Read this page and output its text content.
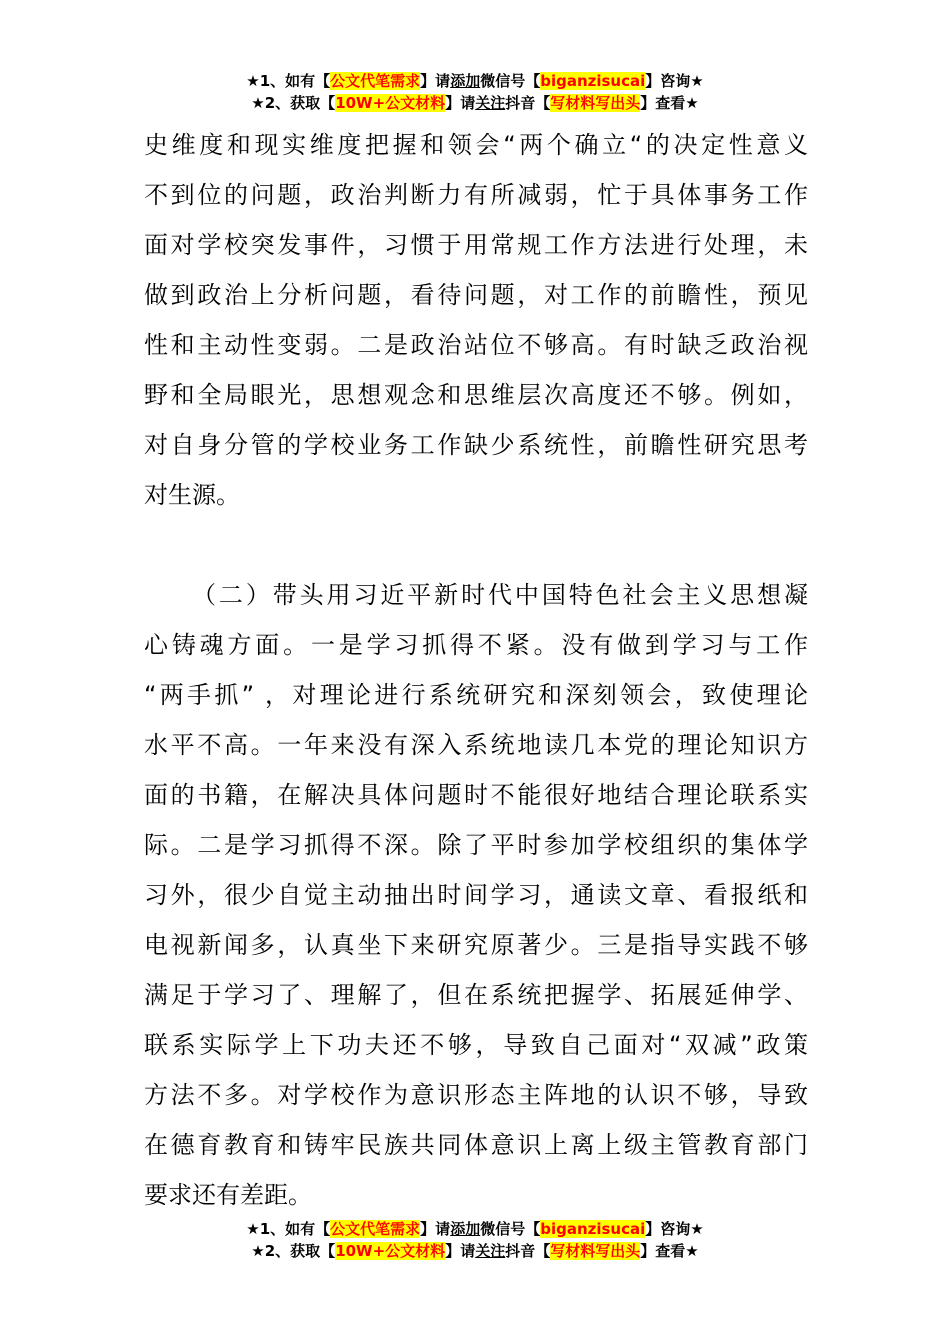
★1、如有【公文代笔需求】请添加微信号【biganzisucai】咨询★
★2、获取【10W+公文材料】请关注抖音【写材料写出头】查看★
史维度和现实维度把握和领会“两个确立“的决定性意义
不到位的问题，政治判断力有所减弱，忙于具体事务工作
面对学校突发事件，习惯于用常规工作方法进行处理，未
做到政治上分析问题，看待问题，对工作的前瞻性，预见
性和主动性变弱。二是政治站位不够高。有时缺乏政治视
野和全局眼光，思想观念和思维层次高度还不够。例如，
对自身分管的学校业务工作缺少系统性，前瞻性研究思考
对生源。
（二）带头用习近平新时代中国特色社会主义思想凝
心铸魂方面。一是学习抓得不紧。没有做到学习与工作
“两手抓” ，对理论进行系统研究和深刻领会，致使理论
水平不高。一年来没有深入系统地读几本党的理论知识方
面的书籍，在解决具体问题时不能很好地结合理论联系实
际。二是学习抓得不深。除了平时参加学校组织的集体学
习外，很少自觉主动抽出时间学习，通读文章、看报纸和
电视新闻多，认真坐下来研究原著少。三是指导实践不够
满足于学习了、理解了，但在系统把握学、拓展延伸学、
联系实际学上下功夫还不够，导致自己面对“双减”政策
方法不多。对学校作为意识形态主阵地的认识不够，导致
在德育教育和铸牢民族共同体意识上离上级主管教育部门
要求还有差距。
★1、如有【公文代笔需求】请添加微信号【biganzisucai】咨询★
★2、获取【10W+公文材料】请关注抖音【写材料写出头】查看★
